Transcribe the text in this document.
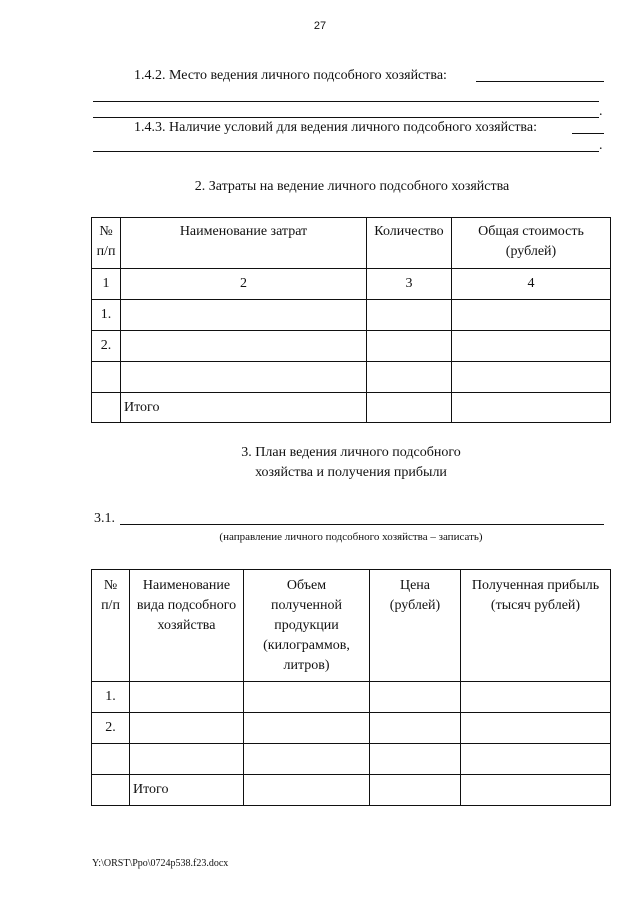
27
1.4.2. Место ведения личного подсобного хозяйства:
.
1.4.3. Наличие условий для ведения личного подсобного хозяйства:
.
2. Затраты на ведение личного подсобного хозяйства
№ п/п	Наименование затрат	Количество	Общая стоимость (рублей)
1	2	3	4
1.			
2.			

	Итого		
3. План ведения личного подсобного
хозяйства и получения прибыли
3.1.
(направление личного подсобного хозяйства – записать)
№ п/п	Наименование вида подсобного хозяйства	Объем полученной продукции (килограммов, литров)	Цена (рублей)	Полученная прибыль (тысяч рублей)
1.				
2.				

	Итого			
Y:\ORST\Ppo\0724p538.f23.docx
